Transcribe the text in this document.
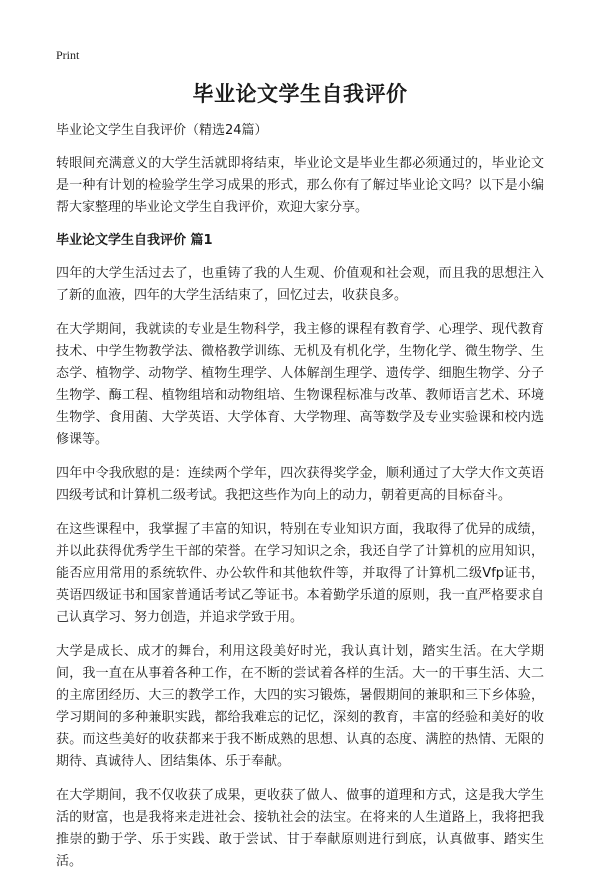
Print
毕业论文学生自我评价
毕业论文学生自我评价（精选24篇）

转眼间充满意义的大学生活就即将结束，毕业论文是毕业生都必须通过的，毕业论文是一种有计划的检验学生学习成果的形式，那么你有了解过毕业论文吗？以下是小编帮大家整理的毕业论文学生自我评价，欢迎大家分享。

毕业论文学生自我评价 篇1

四年的大学生活过去了，也重铸了我的人生观、价值观和社会观，而且我的思想注入了新的血液，四年的大学生活结束了，回忆过去，收获良多。

在大学期间，我就读的专业是生物科学，我主修的课程有教育学、心理学、现代教育技术、中学生物教学法、微格教学训练、无机及有机化学，生物化学、微生物学、生态学、植物学、动物学、植物生理学、人体解剖生理学、遗传学、细胞生物学、分子生物学、酶工程、植物组培和动物组培、生物课程标准与改革、教师语言艺术、环境生物学、食用菌、大学英语、大学体育、大学物理、高等数学及专业实验课和校内选修课等。

四年中令我欣慰的是：连续两个学年，四次获得奖学金，顺利通过了大学大作文英语四级考试和计算机二级考试。我把这些作为向上的动力，朝着更高的目标奋斗。

在这些课程中，我掌握了丰富的知识，特别在专业知识方面，我取得了优异的成绩，并以此获得优秀学生干部的荣誉。在学习知识之余，我还自学了计算机的应用知识，能否应用常用的系统软件、办公软件和其他软件等，并取得了计算机二级Vfp证书，英语四级证书和国家普通话考试乙等证书。本着勤学乐道的原则，我一直严格要求自己认真学习、努力创造，并追求学致于用。

大学是成长、成才的舞台，利用这段美好时光，我认真计划，踏实生活。在大学期间，我一直在从事着各种工作，在不断的尝试着各样的生活。大一的干事生活、大二的主席团经历、大三的教学工作，大四的实习锻炼，暑假期间的兼职和三下乡体验，学习期间的多种兼职实践，都给我难忘的记忆，深刻的教育，丰富的经验和美好的收获。而这些美好的收获都来于我不断成熟的思想、认真的态度、满腔的热情、无限的期待、真诚待人、团结集体、乐于奉献。

在大学期间，我不仅收获了成果，更收获了做人、做事的道理和方式，这是我大学生活的财富，也是我将来走进社会、接轨社会的法宝。在将来的人生道路上，我将把我推崇的勤于学、乐于实践、敢于尝试、甘于奉献原则进行到底，认真做事、踏实生活。
